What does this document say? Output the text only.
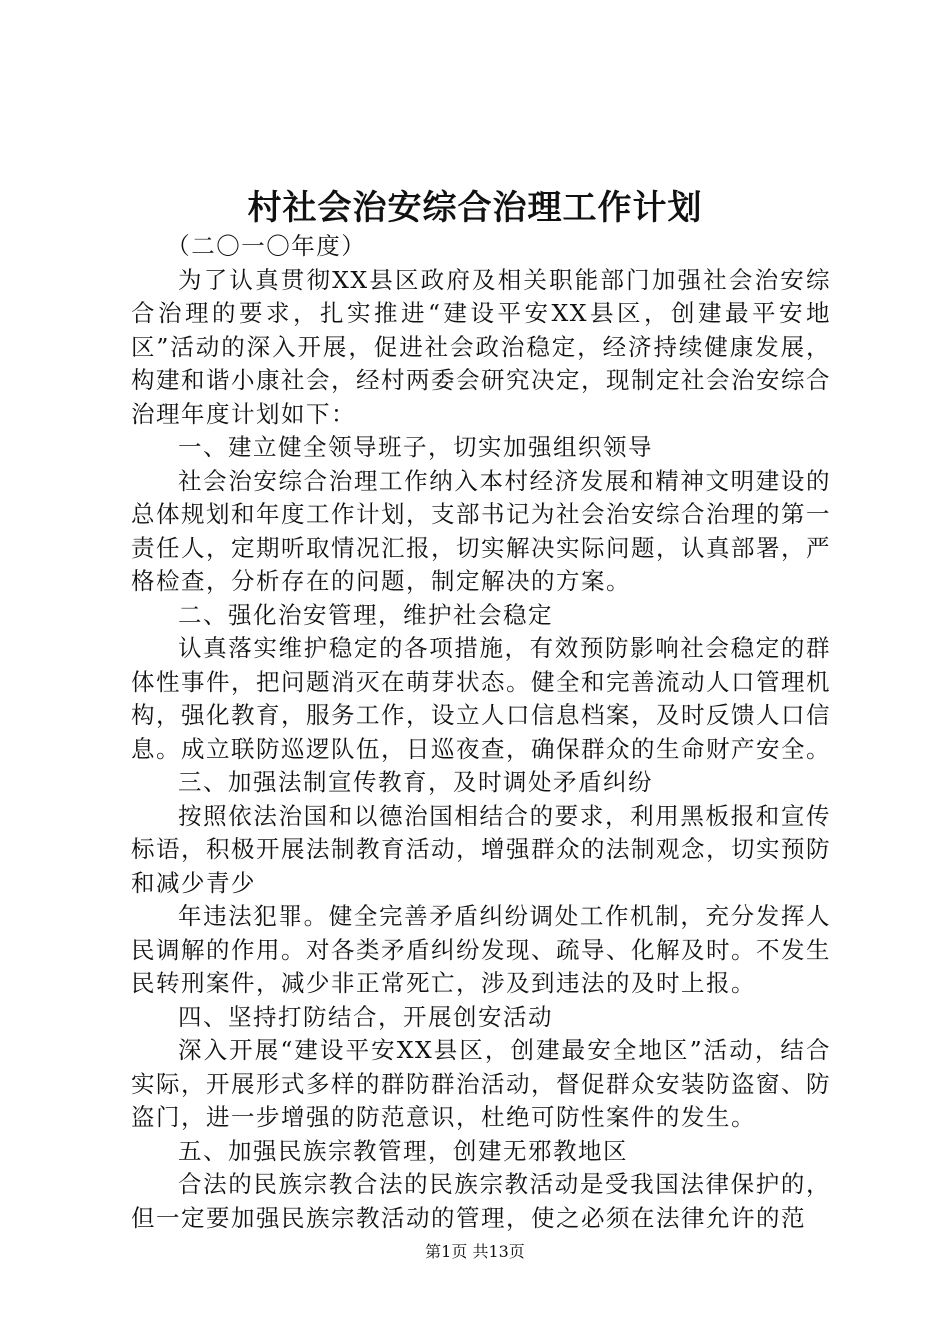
村社会治安综合治理工作计划

（二〇一〇年度）

为了认真贯彻XX县区政府及相关职能部门加强社会治安综合治理的要求，扎实推进“建设平安XX县区，创建最平安地区”活动的深入开展，促进社会政治稳定，经济持续健康发展，构建和谐小康社会，经村两委会研究决定，现制定社会治安综合治理年度计划如下：

一、建立健全领导班子，切实加强组织领导

社会治安综合治理工作纳入本村经济发展和精神文明建设的总体规划和年度工作计划，支部书记为社会治安综合治理的第一责任人，定期听取情况汇报，切实解决实际问题，认真部署，严格检查，分析存在的问题，制定解决的方案。

二、强化治安管理，维护社会稳定

认真落实维护稳定的各项措施，有效预防影响社会稳定的群体性事件，把问题消灭在萌芽状态。健全和完善流动人口管理机构，强化教育，服务工作，设立人口信息档案，及时反馈人口信息。成立联防巡逻队伍，日巡夜查，确保群众的生命财产安全。

三、加强法制宣传教育，及时调处矛盾纠纷

按照依法治国和以德治国相结合的要求，利用黑板报和宣传标语，积极开展法制教育活动，增强群众的法制观念，切实预防和减少青少

年违法犯罪。健全完善矛盾纠纷调处工作机制，充分发挥人民调解的作用。对各类矛盾纠纷发现、疏导、化解及时。不发生民转刑案件，减少非正常死亡，涉及到违法的及时上报。

四、坚持打防结合，开展创安活动

深入开展“建设平安XX县区，创建最安全地区”活动，结合实际，开展形式多样的群防群治活动，督促群众安装防盗窗、防盗门，进一步增强的防范意识，杜绝可防性案件的发生。

五、加强民族宗教管理，创建无邪教地区

合法的民族宗教合法的民族宗教活动是受我国法律保护的，但一定要加强民族宗教活动的管理，使之必须在法律允许的范

第1页 共13页
